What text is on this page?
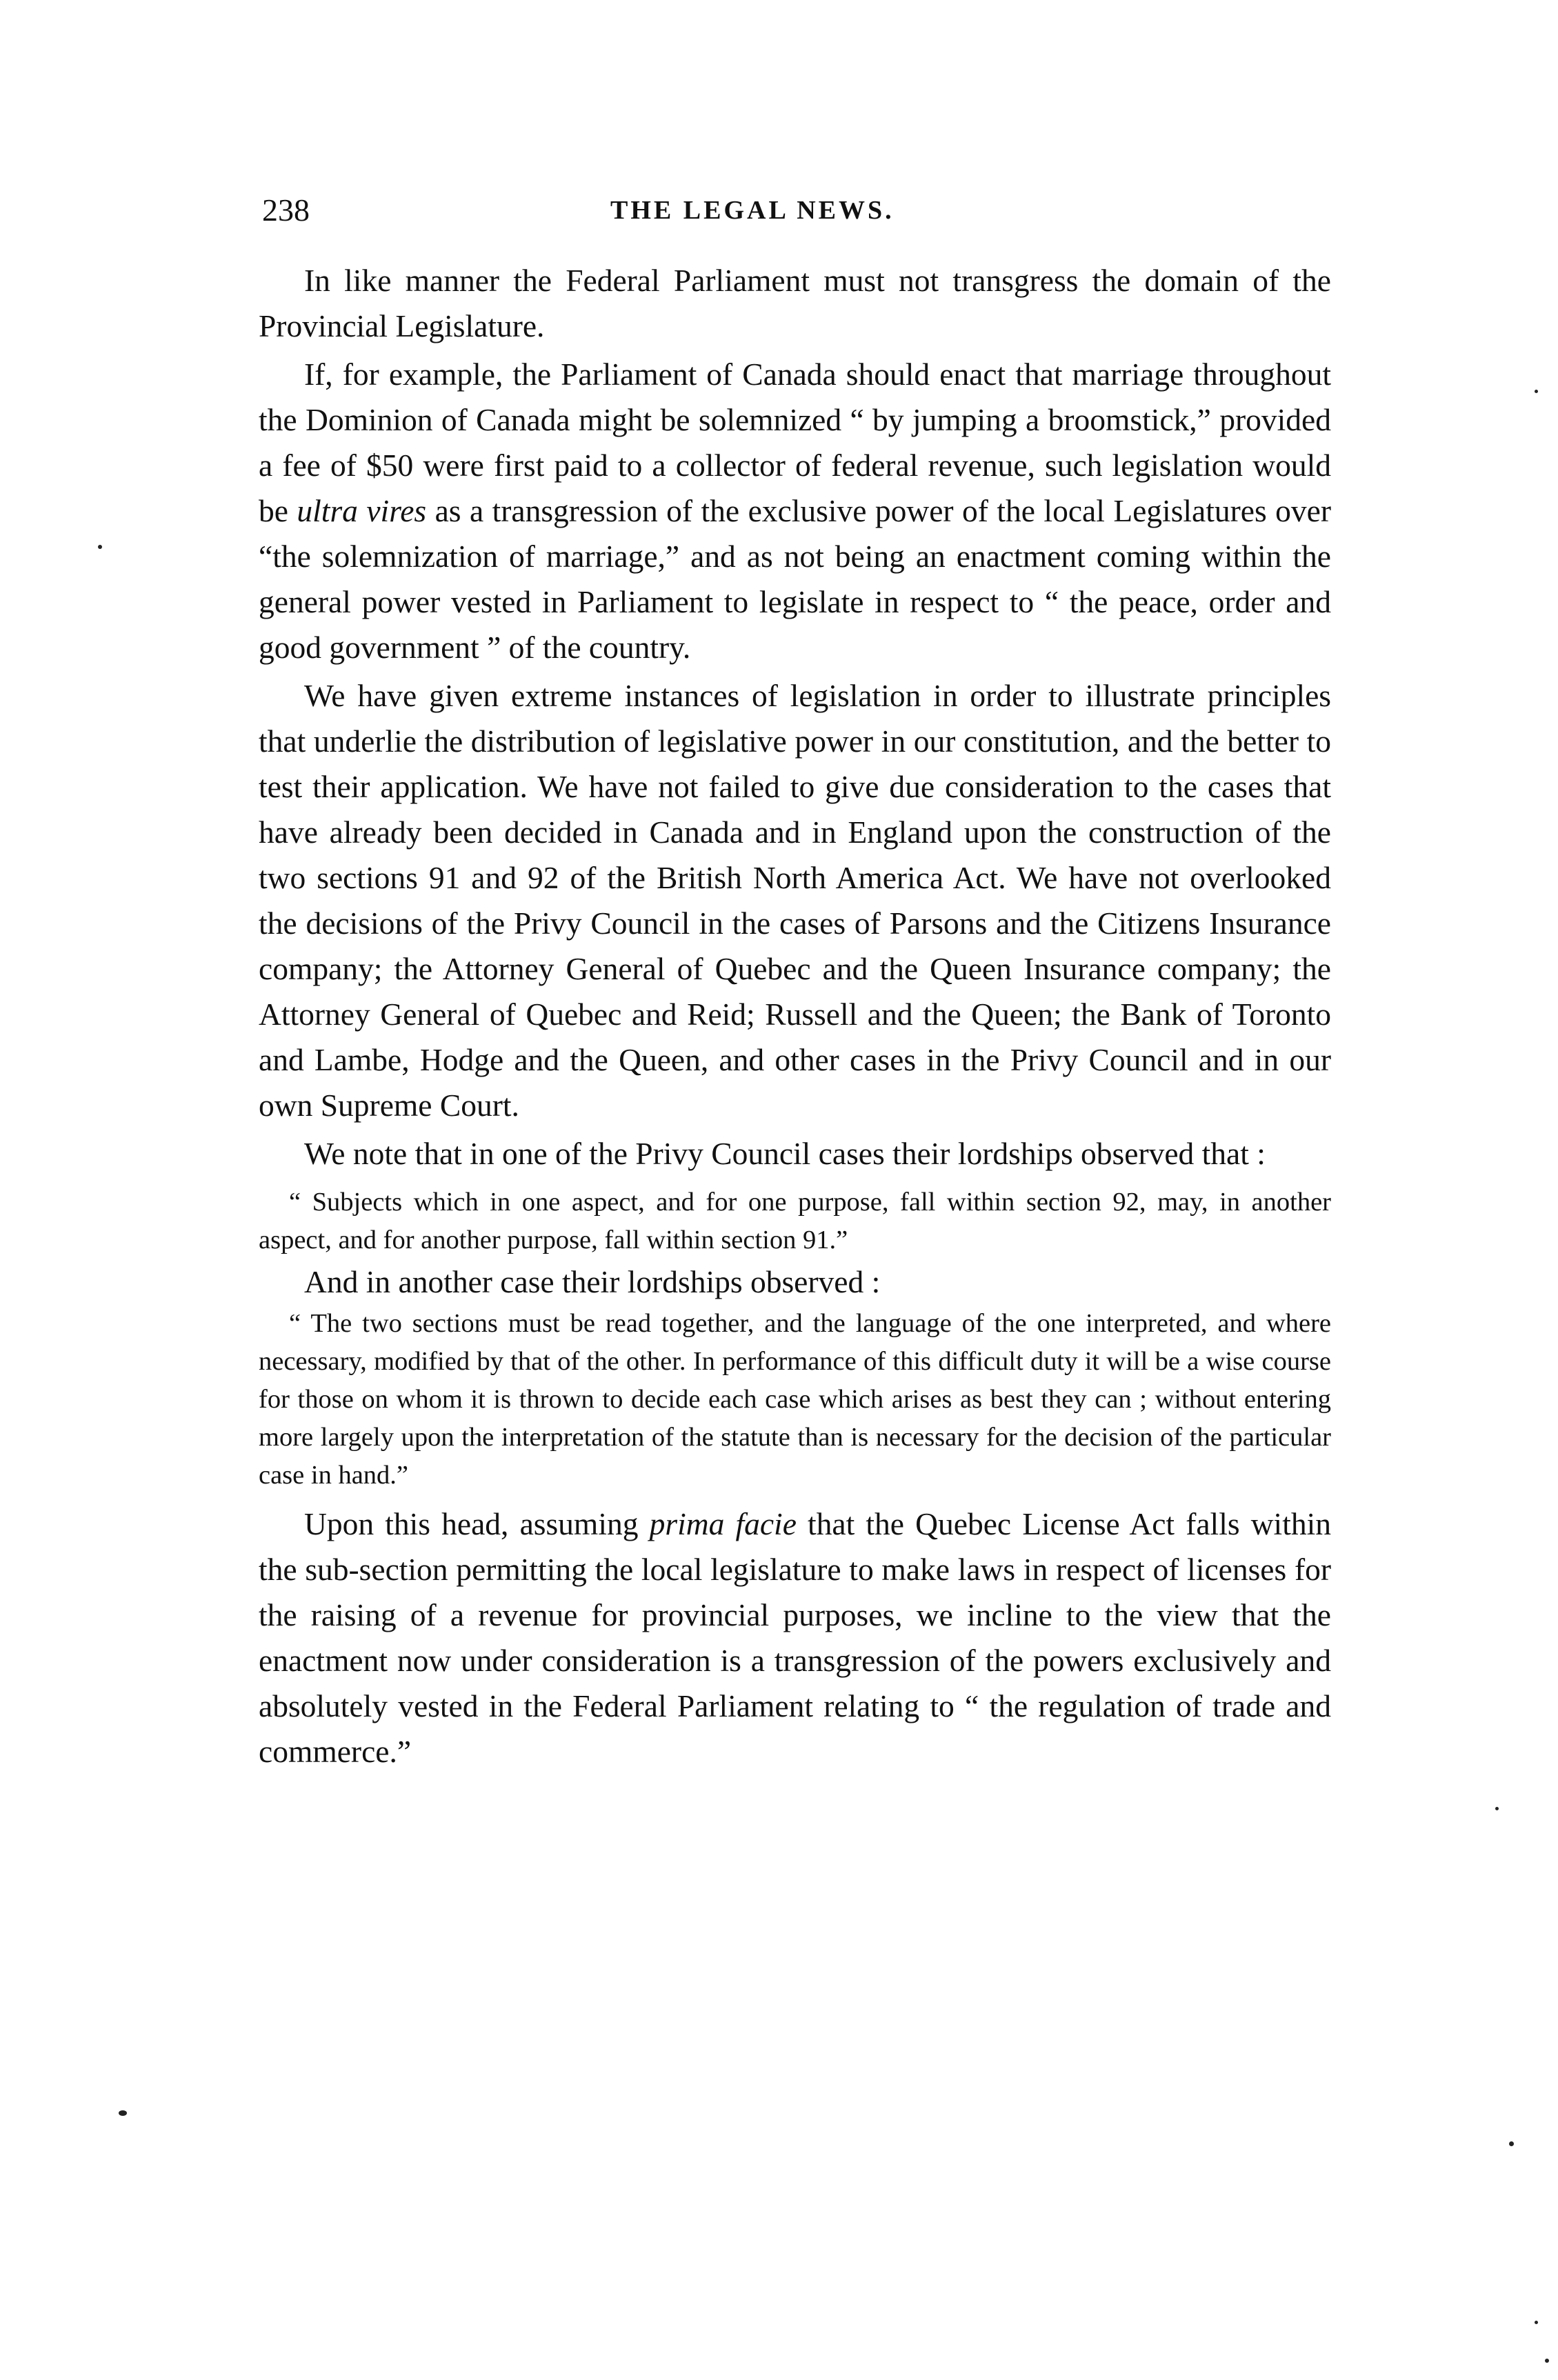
238	THE LEGAL NEWS.

In like manner the Federal Parliament must not transgress the domain of the Provincial Legislature.

If, for example, the Parliament of Canada should enact that marriage throughout the Dominion of Canada might be solemnized “ by jumping a broomstick,” provided a fee of $50 were first paid to a collector of federal revenue, such legislation would be ultra vires as a transgression of the exclusive power of the local Legislatures over “the solemnization of marriage,” and as not being an enactment coming within the general power vested in Parliament to legislate in respect to “ the peace, order and good government ” of the country.

We have given extreme instances of legislation in order to illustrate principles that underlie the distribution of legislative power in our constitution, and the better to test their application. We have not failed to give due consideration to the cases that have already been decided in Canada and in England upon the construction of the two sections 91 and 92 of the British North America Act. We have not overlooked the decisions of the Privy Council in the cases of Parsons and the Citizens Insurance company; the Attorney General of Quebec and the Queen Insurance company; the Attorney General of Quebec and Reid; Russell and the Queen; the Bank of Toronto and Lambe, Hodge and the Queen, and other cases in the Privy Council and in our own Supreme Court.

We note that in one of the Privy Council cases their lordships observed that :

“ Subjects which in one aspect, and for one purpose, fall within section 92, may, in another aspect, and for another purpose, fall within section 91.”

And in another case their lordships observed :

“ The two sections must be read together, and the language of the one interpreted, and where necessary, modified by that of the other. In performance of this difficult duty it will be a wise course for those on whom it is thrown to decide each case which arises as best they can ; without entering more largely upon the interpretation of the statute than is necessary for the decision of the particular case in hand.”

Upon this head, assuming prima facie that the Quebec License Act falls within the sub-section permitting the local legislature to make laws in respect of licenses for the raising of a revenue for provincial purposes, we incline to the view that the enactment now under consideration is a transgression of the powers exclusively and absolutely vested in the Federal Parliament relating to “ the regulation of trade and commerce.”
